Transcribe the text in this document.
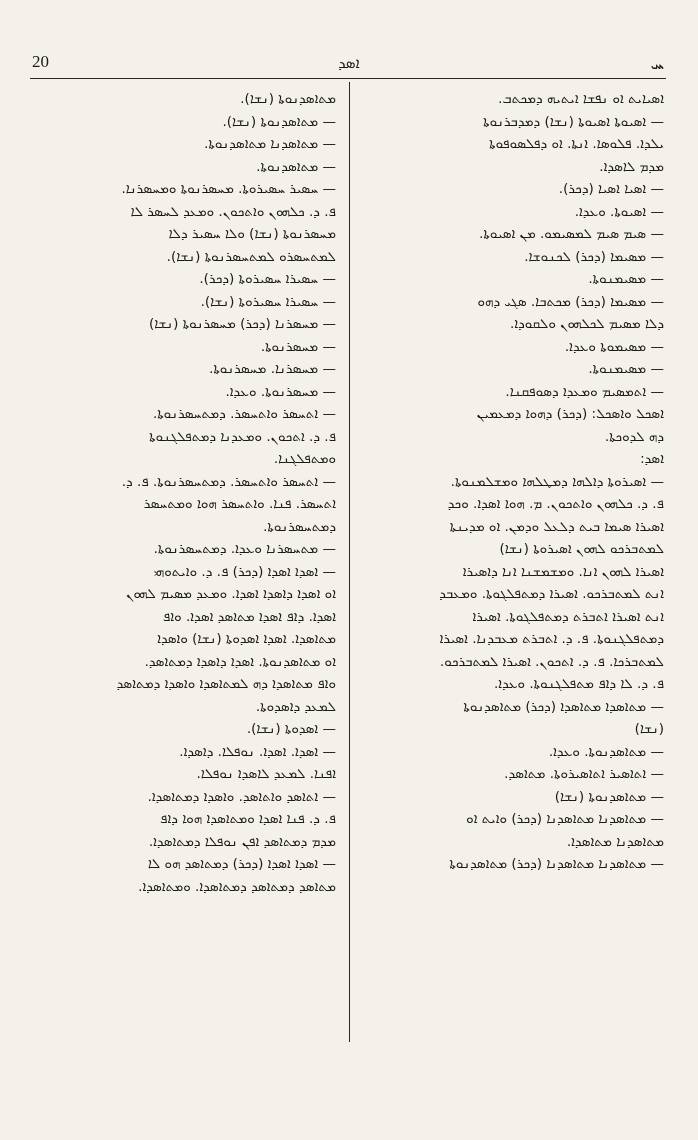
20	ܐܣܕ	ܚ
ܐܣܝܐܝܬ ܐܘ ܢܦܫܐ ܐܝܬܝܗ ܕܡܟܬܒ.
— ܐܣܝܘܬܐ ܐܣܝܘܬܐ (ܢܫܐ) ܕܡܕܒܪܢܘܬܐ
ܝܠܕܐ. ܦܠܘܣܐ. ܐܢܬܐ. ܐܘ ܕܦܠܣܘܦܘܬܐ
ܡܕܡ ܠܐܣܕܐ.
— ܐܣܝܐ ܐܣܝܐ (ܕܟܪ).
— ܐܣܝܘܬܐ. ܘܥܕܐ.
— ܣܝܡ ܣܝܡ ܠܡܣܝܡܘ. ܡܢ ܐܣܝܘܬܐ.
— ܡܣܝܡܐ (ܕܟܪ) ܠܟܢܘܫܐ.
— ܡܣܝܡܢܘܬܐ.
— ܡܣܝܡܐ (ܕܟܪ) ܡܟܬܒܐ. ܣܓܝ ܕܗܘ
ܕܠܐ ܡܣܝܡ ܠܟܠܗܘܢ ܘܠܩܘܕܐ.
— ܡܣܝܡܘܬܐ ܘܥܕܐ.
— ܡܣܝܡܢܘܬܐ.
— ܐܬܡܣܝܡ ܘܡܥܕܐ ܕܣܘܦܩܢܐ.
ܐܣܟܠ ܘܐܣܟܠ: (ܕܟܪ) ܕܗܘܐ ܕܡܥܡܝܢ
ܕܗ ܠܕܘܟܬܐ.
ܐܣܕ:
— ܐܣܝܪܘܬܐ ܕܐܠܗܐ ܕܡܛܠܗܐ ܘܡܫܠܡܢܘܬܐ.
ܦ. ܕ. ܟܠܗܘܢ ܘܐܬܟܘܢ. ܡ. ܗܘܐ ܐܣܕܐ. ܘܟܕ
ܐܣܝܪܐ ܣܝܡܐ ܒܝܬ ܕܠܥܠ ܘܕܡܢ. ܐܘ ܡܕܝܢܬܐ
ܠܡܬܒܪܟܘ ܠܗܘܢ ܐܣܝܪܘܬܐ (ܢܫܐ)
ܐܣܝܪܐ ܠܗܘܢ ܐܢܐ. ܘܡܫܡܫܢܐ ܐܢܐ ܕܐܣܝܪܐ
ܐܢܬ ܠܡܬܒܪܟܘ. ܐܣܝܪܐ ܕܡܬܦܠܓܘܬܐ. ܘܡܥܒܕ
ܐܢܬ ܐܣܝܪܐ ܐܬܒܪܬ ܕܡܬܦܠܓܘܬܐ. ܐܣܝܪܐ
ܕܡܬܦܠܓܢܘܬܐ. ܦ. ܕ. ܐܬܒܪܬ ܡܥܒܕܢܐ. ܐܣܝܪܐ
ܠܡܬܒܪܟܐ. ܦ. ܕ. ܐܬܟܘܢ. ܐܣܝܪܐ ܠܡܬܒܪܟܘ.
ܦ. ܕ. ܠܐ ܕܐܦ ܡܬܦܠܓܢܘܬܐ. ܘܥܕܐ.
— ܡܬܐܣܕܐ ܡܬܐܣܕܐ (ܕܟܪ) ܡܬܐܣܕܢܘܬܐ
(ܢܫܐ)
— ܡܬܐܣܕܢܘܬܐ. ܘܥܕܐ.
— ܐܬܐܣܝܪ ܐܬܐܣܝܪܘܬܐ. ܡܬܐܣܕ.
— ܡܬܐܣܕܢܘܬܐ (ܢܫܐ)
— ܡܬܐܣܕܢܐ ܡܬܐܣܕܢܐ (ܕܟܪ) ܘܐܝܬ ܐܘ
ܡܬܐܣܕܢܐ ܡܬܐܣܕܐ.
— ܡܬܐܣܕܢܐ ܡܬܐܣܕܢܐ (ܕܟܪ) ܡܬܐܣܕܢܘܬܐ
ܡܬܐܣܕܢܘܬܐ (ܢܫܐ).
— ܡܬܐܣܕܢܘܬܐ (ܢܫܐ).
— ܡܬܐܣܕܢܐ ܡܬܐܣܕܢܘܬܐ.
— ܡܬܐܣܕܢܘܬܐ.
— ܚܣܝܪ ܚܣܝܪܘܬܐ. ܡܚܣܪܢܘܬܐ ܘܡܚܣܪܢܐ.
ܦ. ܕ. ܟܠܗܘܢ ܘܐܬܟܘܢ. ܘܡܥܕ ܠܚܣܪ ܠܐ
ܡܚܣܪܢܘܬܐ (ܢܫܐ) ܘܠܐ ܚܣܝܪ ܕܠܐ
ܠܡܬܚܣܪܘ ܠܡܬܚܣܪܢܘܬܐ (ܢܫܐ).
— ܚܣܝܪܐ ܚܣܝܪܘܬܐ (ܕܟܪ).
— ܚܣܝܪܐ ܚܣܝܪܘܬܐ (ܢܫܐ).
— ܡܚܣܪܢܐ (ܕܟܪ) ܡܚܣܪܢܘܬܐ (ܢܫܐ)
— ܡܚܣܪܢܘܬܐ.
— ܡܚܣܪܢܐ. ܡܚܣܪܢܘܬܐ.
— ܡܚܣܪܢܘܬܐ. ܘܥܕܐ.
— ܐܬܚܣܪ ܘܐܬܚܣܪ. ܕܡܬܚܣܪܢܘܬܐ.
ܦ. ܕ. ܐܬܟܘܢ. ܘܡܥܕܢܐ ܕܡܬܦܠܓܢܘܬܐ
ܘܡܬܦܠܓܢܐ.
— ܐܬܚܣܪ ܘܐܬܚܣܪ. ܕܡܬܚܣܪܢܘܬܐ. ܦ. ܕ.
ܐܬܚܣܪ. ܦܢܐ. ܘܐܬܚܣܪ ܗܘܐ ܘܡܬܚܣܪ
ܕܡܬܚܣܪܢܘܬܐ.
— ܡܬܚܣܪܢܐ ܘܥܕܐ. ܕܡܬܚܣܪܢܘܬܐ.
— ܐܣܕܐ ܐܣܕܐ (ܕܟܪ) ܦ. ܕ. ܘܐܝܬܘܗܝ
ܐܘ ܐܣܕܐ ܕܐܣܕܐ ܐܣܕܐ. ܘܡܥܕ ܡܣܝܡ ܠܗܘܢ
ܐܣܕܐ. ܕܐܦ ܐܣܕܐ ܡܬܐܣܕ ܐܣܕܐ. ܘܐܦ
ܡܬܐܣܕܐ. ܐܣܕܐ ܐܣܕܘܬܐ (ܢܫܐ) ܘܐܣܕܐ
ܐܘ ܡܬܐܣܕܢܘܬܐ. ܐܣܕܐ ܕܐܣܕܐ ܕܡܬܐܣܕ.
ܘܐܦ ܡܬܐܣܕܐ ܕܗ ܠܡܬܐܣܕܐ ܘܐܣܕܐ ܕܡܬܐܣܕ
ܠܡܥܕ ܕܐܣܕܘܬܐ.
— ܐܣܕܘܬܐ (ܢܫܐ).
— ܐܣܕܐ. ܐܣܕܐ. ܢܘܦܠܐ. ܕܐܣܕܐ.
ܐܦܢܐ. ܠܡܥܕ ܠܐܣܕܐ ܢܘܦܠܐ.
— ܐܬܐܣܕ ܘܐܬܐܣܕ. ܘܐܣܕܐ ܕܡܬܐܣܕܐ.
ܦ. ܕ. ܦܢܐ ܐܣܕܐ ܘܡܬܐܣܕܐ ܗܘܐ ܕܐܦ
ܡܕܡ ܕܡܬܐܣܕ ܐܦܢ ܢܘܦܠܐ ܕܡܬܐܣܕܐ.
— ܐܣܕܐ ܐܣܕܐ (ܕܟܪ) ܕܡܬܐܣܕ ܗܘ ܠܐ
ܡܬܐܣܕ ܕܡܬܐܣܕ ܕܡܬܐܣܕܐ. ܘܡܬܐܣܕܐ.
